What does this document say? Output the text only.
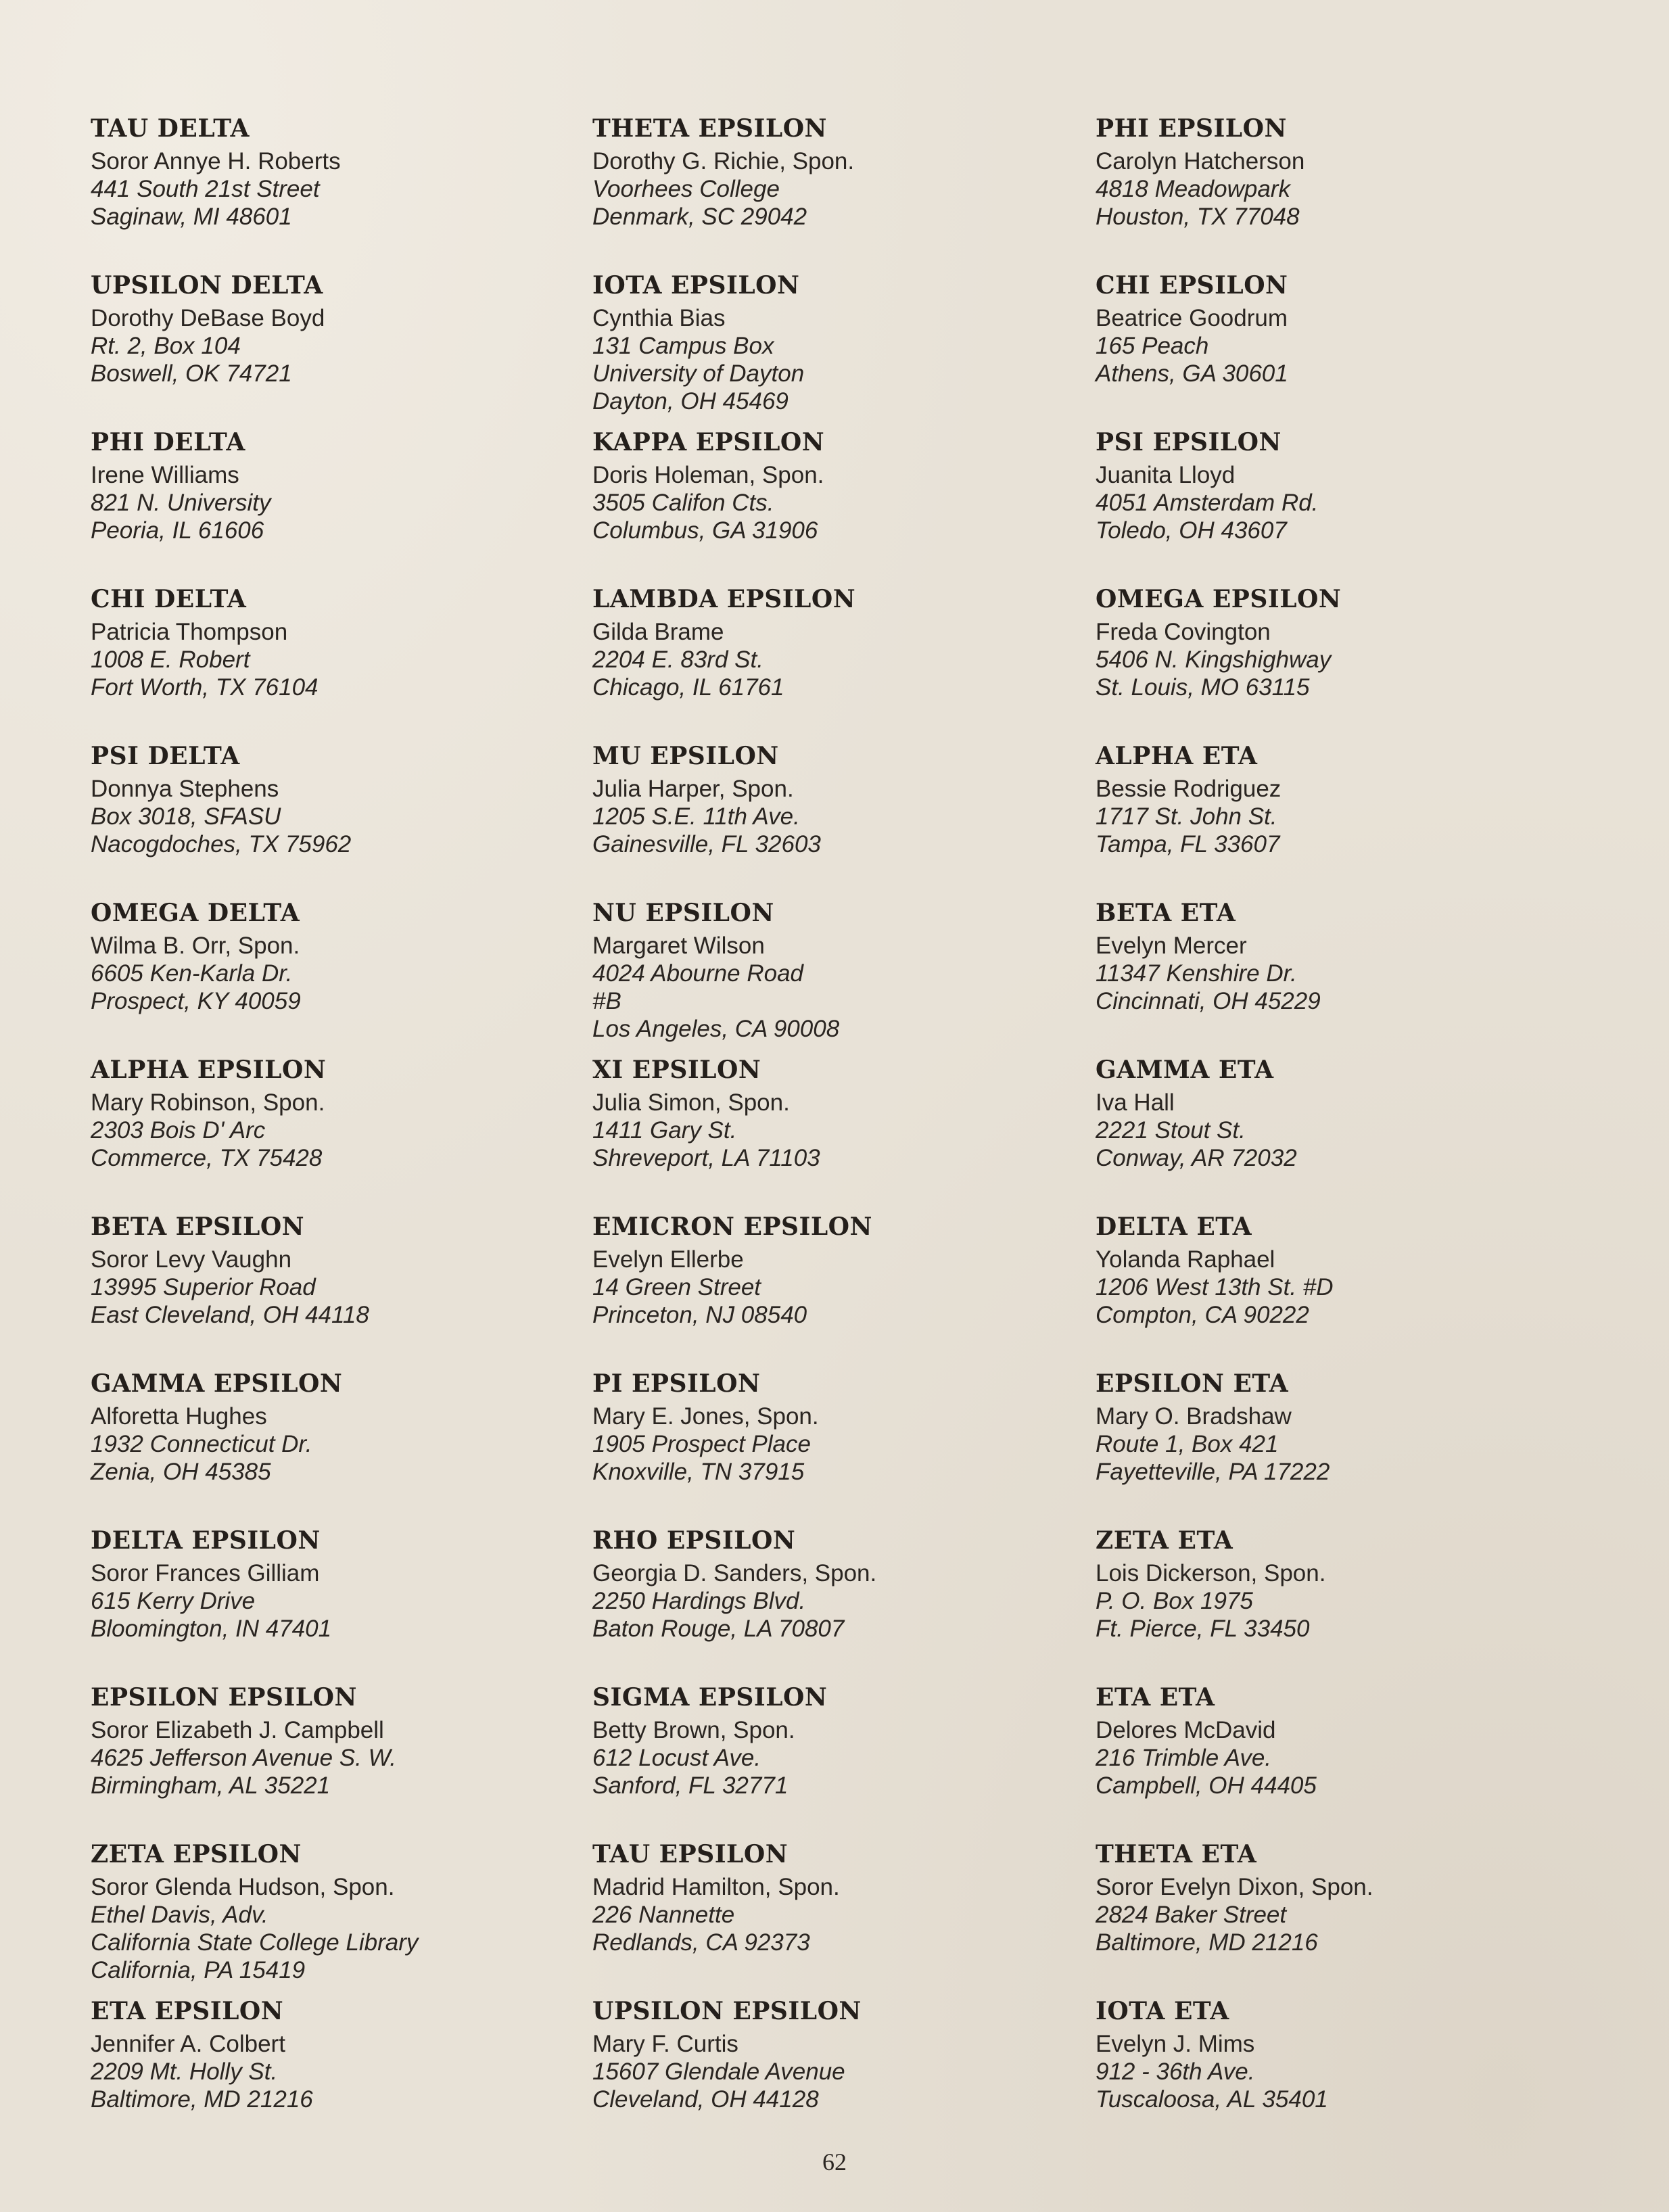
TAU DELTA
Soror Annye H. Roberts
441 South 21st Street
Saginaw, MI 48601
UPSILON DELTA
Dorothy DeBase Boyd
Rt. 2, Box 104
Boswell, OK 74721
PHI DELTA
Irene Williams
821 N. University
Peoria, IL 61606
CHI DELTA
Patricia Thompson
1008 E. Robert
Fort Worth, TX 76104
PSI DELTA
Donnya Stephens
Box 3018, SFASU
Nacogdoches, TX 75962
OMEGA DELTA
Wilma B. Orr, Spon.
6605 Ken-Karla Dr.
Prospect, KY 40059
ALPHA EPSILON
Mary Robinson, Spon.
2303 Bois D' Arc
Commerce, TX 75428
BETA EPSILON
Soror Levy Vaughn
13995 Superior Road
East Cleveland, OH 44118
GAMMA EPSILON
Alforetta Hughes
1932 Connecticut Dr.
Zenia, OH 45385
DELTA EPSILON
Soror Frances Gilliam
615 Kerry Drive
Bloomington, IN 47401
EPSILON EPSILON
Soror Elizabeth J. Campbell
4625 Jefferson Avenue S. W.
Birmingham, AL 35221
ZETA EPSILON
Soror Glenda Hudson, Spon.
Ethel Davis, Adv.
California State College Library
California, PA 15419
ETA EPSILON
Jennifer A. Colbert
2209 Mt. Holly St.
Baltimore, MD 21216
THETA EPSILON
Dorothy G. Richie, Spon.
Voorhees College
Denmark, SC 29042
IOTA EPSILON
Cynthia Bias
131 Campus Box
University of Dayton
Dayton, OH 45469
KAPPA EPSILON
Doris Holeman, Spon.
3505 Califon Cts.
Columbus, GA 31906
LAMBDA EPSILON
Gilda Brame
2204 E. 83rd St.
Chicago, IL 61761
MU EPSILON
Julia Harper, Spon.
1205 S.E. 11th Ave.
Gainesville, FL 32603
NU EPSILON
Margaret Wilson
4024 Abourne Road
#B
Los Angeles, CA 90008
XI EPSILON
Julia Simon, Spon.
1411 Gary St.
Shreveport, LA 71103
EMICRON EPSILON
Evelyn Ellerbe
14 Green Street
Princeton, NJ 08540
PI EPSILON
Mary E. Jones, Spon.
1905 Prospect Place
Knoxville, TN 37915
RHO EPSILON
Georgia D. Sanders, Spon.
2250 Hardings Blvd.
Baton Rouge, LA 70807
SIGMA EPSILON
Betty Brown, Spon.
612 Locust Ave.
Sanford, FL 32771
TAU EPSILON
Madrid Hamilton, Spon.
226 Nannette
Redlands, CA 92373
UPSILON EPSILON
Mary F. Curtis
15607 Glendale Avenue
Cleveland, OH 44128
PHI EPSILON
Carolyn Hatcherson
4818 Meadowpark
Houston, TX 77048
CHI EPSILON
Beatrice Goodrum
165 Peach
Athens, GA 30601
PSI EPSILON
Juanita Lloyd
4051 Amsterdam Rd.
Toledo, OH 43607
OMEGA EPSILON
Freda Covington
5406 N. Kingshighway
St. Louis, MO 63115
ALPHA ETA
Bessie Rodriguez
1717 St. John St.
Tampa, FL 33607
BETA ETA
Evelyn Mercer
11347 Kenshire Dr.
Cincinnati, OH 45229
GAMMA ETA
Iva Hall
2221 Stout St.
Conway, AR 72032
DELTA ETA
Yolanda Raphael
1206 West 13th St. #D
Compton, CA 90222
EPSILON ETA
Mary O. Bradshaw
Route 1, Box 421
Fayetteville, PA 17222
ZETA ETA
Lois Dickerson, Spon.
P. O. Box 1975
Ft. Pierce, FL 33450
ETA ETA
Delores McDavid
216 Trimble Ave.
Campbell, OH 44405
THETA ETA
Soror Evelyn Dixon, Spon.
2824 Baker Street
Baltimore, MD 21216
IOTA ETA
Evelyn J. Mims
912 - 36th Ave.
Tuscaloosa, AL 35401
62
